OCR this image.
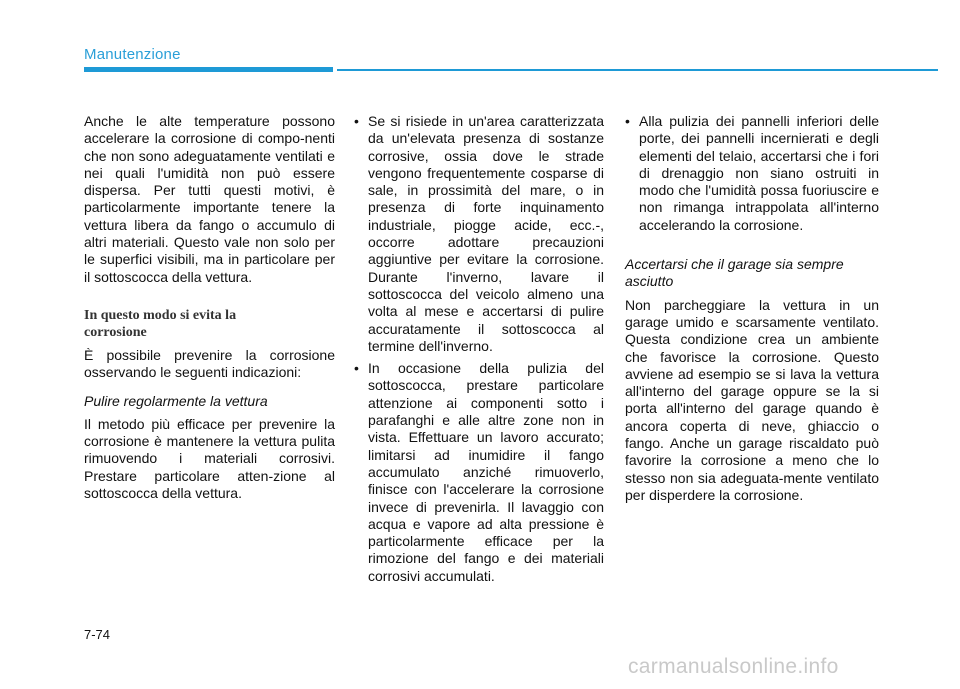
Manutenzione

Anche le alte temperature possono accelerare la corrosione di compo-nenti che non sono adeguatamente ventilati e nei quali l'umidità non può essere dispersa. Per tutti questi motivi, è particolarmente importante tenere la vettura libera da fango o accumulo di altri materiali. Questo vale non solo per le superfici visibili, ma in particolare per il sottoscocca della vettura.

In questo modo si evita la
corrosione

È possibile prevenire la corrosione osservando le seguenti indicazioni:

Pulire regolarmente la vettura

Il metodo più efficace per prevenire la corrosione è mantenere la vettura pulita rimuovendo i materiali corrosivi. Prestare particolare atten-zione al sottoscocca della vettura.

• Se si risiede in un'area caratterizzata da un'elevata presenza di sostanze corrosive, ossia dove le strade vengono frequentemente cosparse di sale, in prossimità del mare, o in presenza di forte inquinamento industriale, piogge acide, ecc.-, occorre adottare precauzioni aggiuntive per evitare la corrosione. Durante l'inverno, lavare il sottoscocca del veicolo almeno una volta al mese e accertarsi di pulire accuratamente il sottoscocca al termine dell'inverno.

• In occasione della pulizia del sottoscocca, prestare particolare attenzione ai componenti sotto i parafanghi e alle altre zone non in vista. Effettuare un lavoro accurato; limitarsi ad inumidire il fango accumulato anziché rimuoverlo, finisce con l'accelerare la corrosione invece di prevenirla. Il lavaggio con acqua e vapore ad alta pressione è particolarmente efficace per la rimozione del fango e dei materiali corrosivi accumulati.

• Alla pulizia dei pannelli inferiori delle porte, dei pannelli incernierati e degli elementi del telaio, accertarsi che i fori di drenaggio non siano ostruiti in modo che l'umidità possa fuoriuscire e non rimanga intrappolata all'interno accelerando la corrosione.

Accertarsi che il garage sia sempre asciutto

Non parcheggiare la vettura in un garage umido e scarsamente ventilato. Questa condizione crea un ambiente che favorisce la corrosione. Questo avviene ad esempio se si lava la vettura all'interno del garage oppure se la si porta all'interno del garage quando è ancora coperta di neve, ghiaccio o fango. Anche un garage riscaldato può favorire la corrosione a meno che lo stesso non sia adeguata-mente ventilato per disperdere la corrosione.

7-74
carmanualsonline.info
